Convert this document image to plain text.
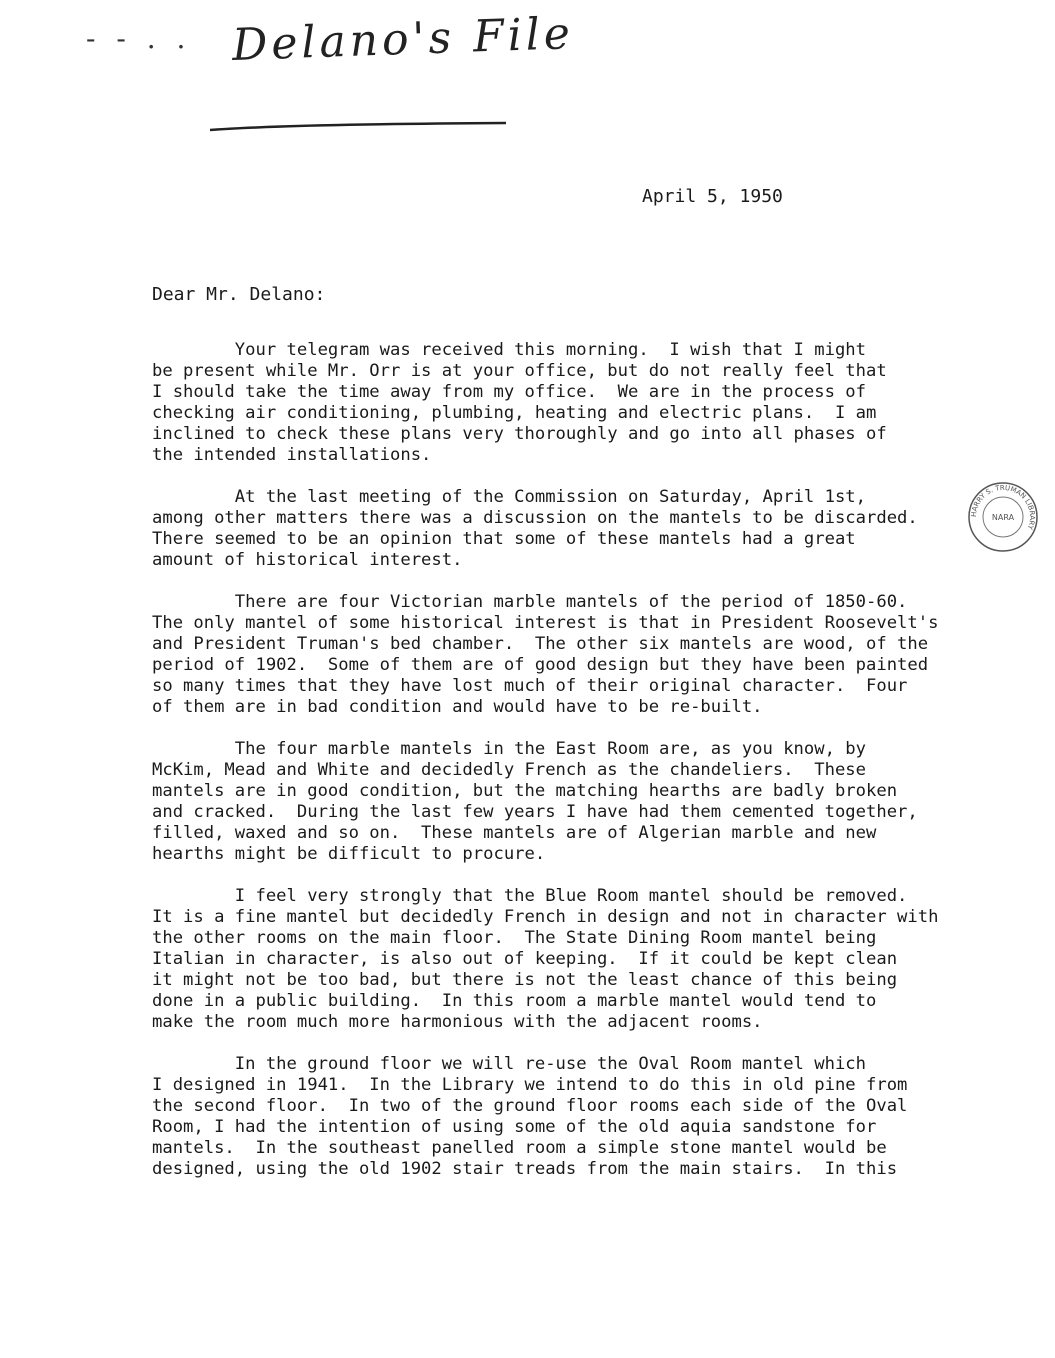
- - . . Delano's File
HARRY S. TRUMAN LIBRARY
NARA
April 5, 1950
Dear Mr. Delano:
Your telegram was received this morning.  I wish that I might
be present while Mr. Orr is at your office, but do not really feel that
I should take the time away from my office.  We are in the process of
checking air conditioning, plumbing, heating and electric plans.  I am
inclined to check these plans very thoroughly and go into all phases of
the intended installations.
At the last meeting of the Commission on Saturday, April 1st,
among other matters there was a discussion on the mantels to be discarded.
There seemed to be an opinion that some of these mantels had a great
amount of historical interest.
There are four Victorian marble mantels of the period of 1850-60.
The only mantel of some historical interest is that in President Roosevelt's
and President Truman's bed chamber.  The other six mantels are wood, of the
period of 1902.  Some of them are of good design but they have been painted
so many times that they have lost much of their original character.  Four
of them are in bad condition and would have to be re-built.
The four marble mantels in the East Room are, as you know, by
McKim, Mead and White and decidedly French as the chandeliers.  These
mantels are in good condition, but the matching hearths are badly broken
and cracked.  During the last few years I have had them cemented together,
filled, waxed and so on.  These mantels are of Algerian marble and new
hearths might be difficult to procure.
I feel very strongly that the Blue Room mantel should be removed.
It is a fine mantel but decidedly French in design and not in character with
the other rooms on the main floor.  The State Dining Room mantel being
Italian in character, is also out of keeping.  If it could be kept clean
it might not be too bad, but there is not the least chance of this being
done in a public building.  In this room a marble mantel would tend to
make the room much more harmonious with the adjacent rooms.
In the ground floor we will re-use the Oval Room mantel which
I designed in 1941.  In the Library we intend to do this in old pine from
the second floor.  In two of the ground floor rooms each side of the Oval
Room, I had the intention of using some of the old aquia sandstone for
mantels.  In the southeast panelled room a simple stone mantel would be
designed, using the old 1902 stair treads from the main stairs.  In this
